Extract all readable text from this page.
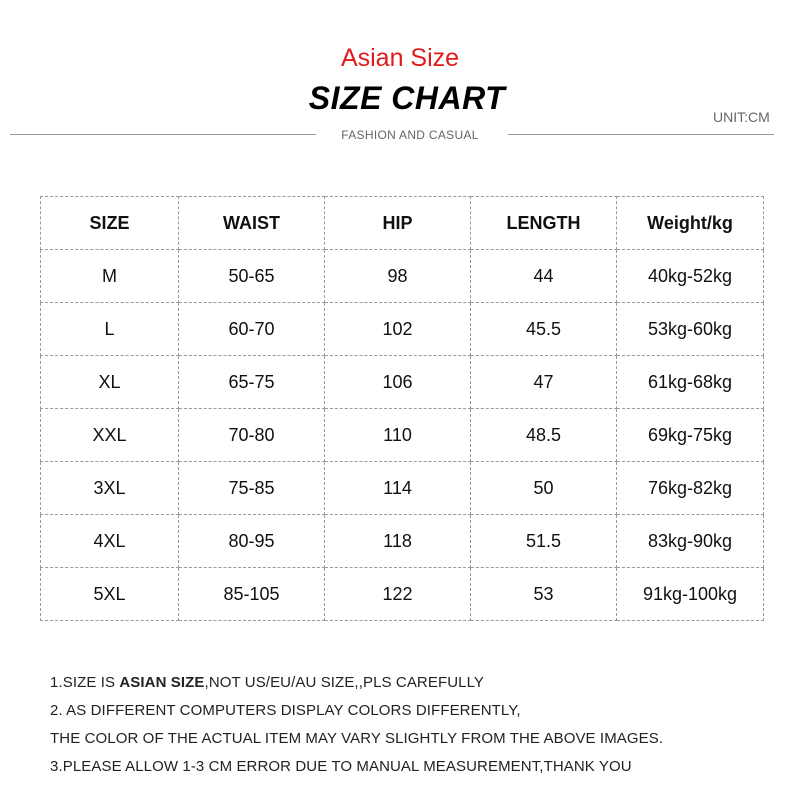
Asian Size
SIZE CHART
UNIT:CM
FASHION AND CASUAL
SIZE	WAIST	HIP	LENGTH	Weight/kg
M	50-65	98	44	40kg-52kg
L	60-70	102	45.5	53kg-60kg
XL	65-75	106	47	61kg-68kg
XXL	70-80	110	48.5	69kg-75kg
3XL	75-85	114	50	76kg-82kg
4XL	80-95	118	51.5	83kg-90kg
5XL	85-105	122	53	91kg-100kg
1.SIZE IS ASIAN SIZE,NOT US/EU/AU SIZE,,PLS CAREFULLY
2. AS DIFFERENT COMPUTERS DISPLAY COLORS DIFFERENTLY,
THE COLOR OF THE ACTUAL ITEM MAY VARY SLIGHTLY FROM THE ABOVE IMAGES.
3.PLEASE ALLOW 1-3 CM ERROR DUE TO MANUAL MEASUREMENT,THANK YOU
